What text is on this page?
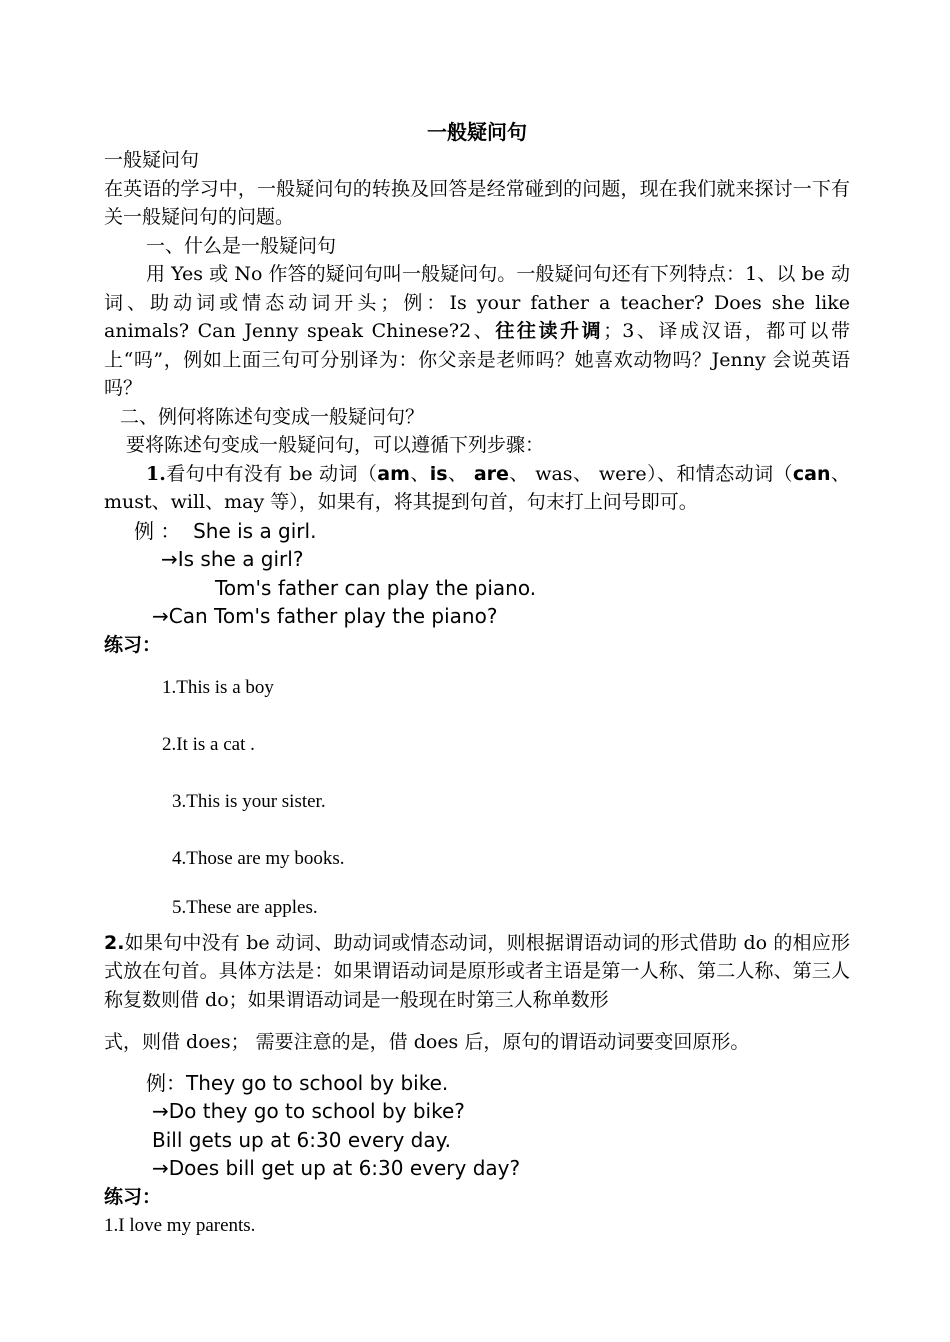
一般疑问句
一般疑问句
在英语的学习中，一般疑问句的转换及回答是经常碰到的问题，现在我们就来探讨一下有关一般疑问句的问题。
一、什么是一般疑问句
用 Yes 或 No 作答的疑问句叫一般疑问句。一般疑问句还有下列特点：1、以 be 动词、助动词或情态动词开头；例：Is your father a teacher? Does she like animals? Can Jenny speak Chinese?2、往往读升调；3、译成汉语，都可以带上“吗”，例如上面三句可分别译为：你父亲是老师吗？她喜欢动物吗？Jenny 会说英语吗？
二、例何将陈述句变成一般疑问句？
要将陈述句变成一般疑问句，可以遵循下列步骤：
1.看句中有没有 be 动词（am、is、 are、 was、 were）、和情态动词（can、must、will、may 等），如果有，将其提到句首，句末打上问号即可。
例 ： She is a girl.
→Is she a girl?
Tom's father can play the piano.
→Can Tom's father play the piano?
练习：
1.This is a boy
2.It is a cat .
3.This is your sister.
4.Those are my books.
5.These are apples.
2.如果句中没有 be 动词、助动词或情态动词，则根据谓语动词的形式借助 do 的相应形式放在句首。具体方法是：如果谓语动词是原形或者主语是第一人称、第二人称、第三人称复数则借 do；如果谓语动词是一般现在时第三人称单数形
式，则借 does； 需要注意的是，借 does 后，原句的谓语动词要变回原形。
例：They go to school by bike.
→Do they go to school by bike?
Bill gets up at 6:30 every day.
→Does bill get up at 6:30 every day?
练习：
1.I love my parents.
